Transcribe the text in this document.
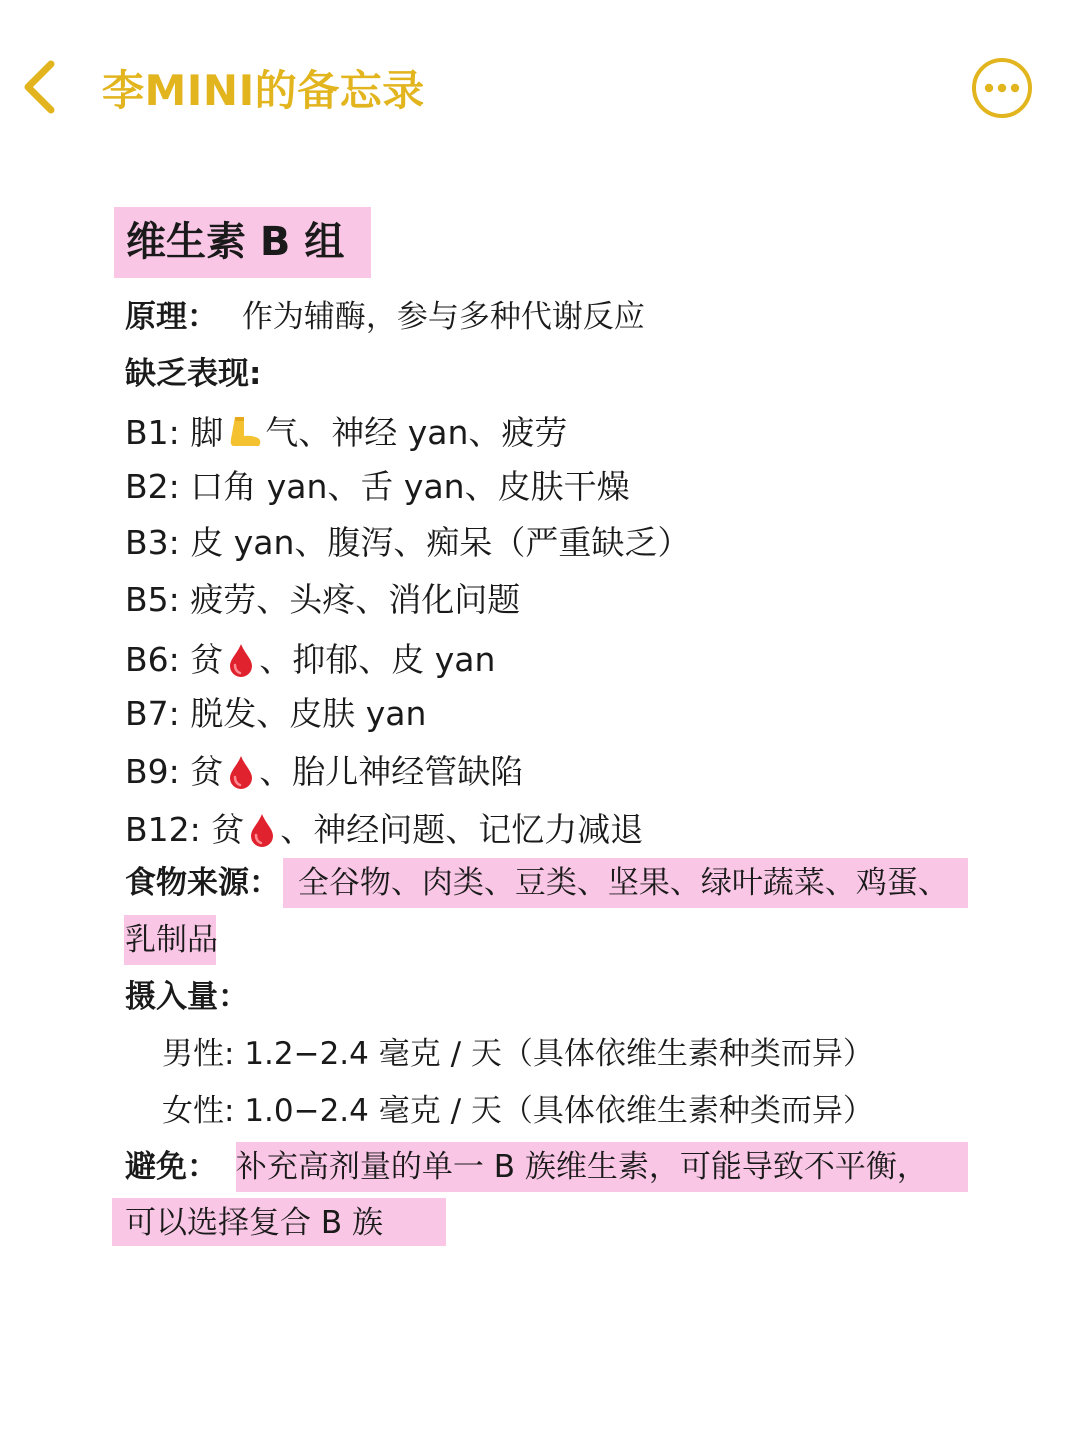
李MINI的备忘录
维生素 B 组
原理： 作为辅酶，参与多种代谢反应
缺乏表现:
B1: 脚 气、神经 yan、疲劳
B2: 口角 yan、舌 yan、皮肤干燥
B3: 皮 yan、腹泻、痴呆（严重缺乏）
B5: 疲劳、头疼、消化问题
B6: 贫 、抑郁、皮 yan
B7: 脱发、皮肤 yan
B9: 贫 、胎儿神经管缺陷
B12: 贫 、神经问题、记忆力减退
食物来源： 全谷物、肉类、豆类、坚果、绿叶蔬菜、鸡蛋、
乳制品
摄入量：
男性: 1.2−2.4 毫克 / 天（具体依维生素种类而异）
女性: 1.0−2.4 毫克 / 天（具体依维生素种类而异）
避免： 补充高剂量的单一 B 族维生素，可能导致不平衡，
可以选择复合 B 族
